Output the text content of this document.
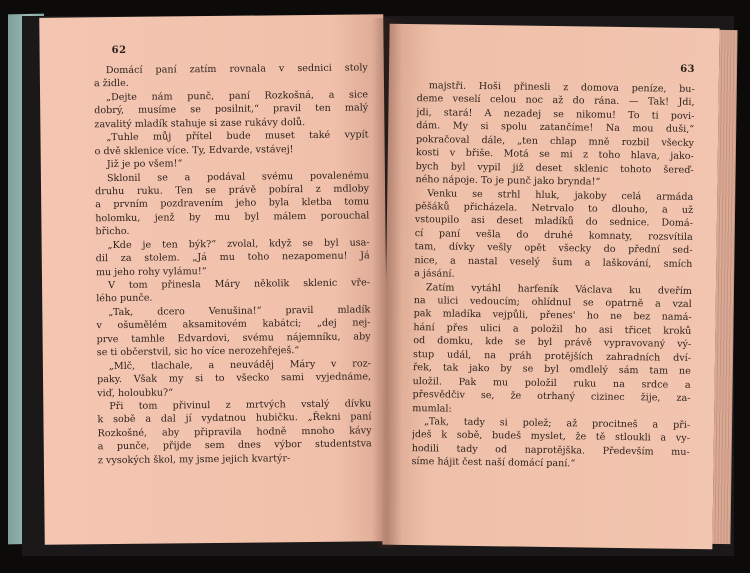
62
Domácí paní zatím rovnala v sednici stoly
a židle.
„Dejte nám punč, paní Rozkošná, a sice
dobrý, musíme se posilnit,“ pravil ten malý
zavalitý mladík stahuje si zase rukávy dolů.
„Tuhle můj přítel bude muset také vypít
o dvě sklenice více. Ty, Edvarde, vstávej!
Již je po všem!“
Sklonil se a podával svému povalenému
druhu ruku. Ten se právě pobíral z mdloby
a prvním pozdravením jeho byla kletba tomu
holomku, jenž by mu byl málem porouchal
břicho.
„Kde je ten býk?“ zvolal, když se byl usa-
dil za stolem. „Já mu toho nezapomenu! Já
mu jeho rohy vylámu!“
V tom přinesla Máry několik sklenic vře-
lého punče.
„Tak, dcero Venušina!“ pravil mladík
v ošumělém aksamitovém kabátci; „dej nej-
prve tamhle Edvardovi, svému nájemníku, aby
se ti občerstvil, sic ho více nerozehřeješ.“
„Mlč, tlachale, a neuváděj Máry v roz-
paky. Však my si to všecko sami vyjednáme,
viď, holoubku?“
Při tom přivinul z mrtvých vstalý dívku
k sobě a dal jí vydatnou hubičku. „Řekni paní
Rozkošné, aby připravila hodně mnoho kávy
a punče, přijde sem dnes výbor studentstva
z vysokých škol, my jsme jejich kvartýr-
63
majstři. Hoši přinesli z domova peníze, bu-
deme veselí celou noc až do rána. — Tak! Jdi,
jdi, stará! A nezadej se nikomu! To ti povi-
dám. My si spolu zatančíme! Na mou duši,“
pokračoval dále, „ten chlap mně rozbil všecky
kosti v břiše. Motá se mi z toho hlava, jako-
bych byl vypil již deset sklenic tohoto šereď-
ného nápoje. To je punč jako brynda!“
Venku se strhl hluk, jakoby celá armáda
pěšáků přicházela. Netrvalo to dlouho, a už
vstoupilo asi deset mladíků do sednice. Domá-
cí paní vešla do druhé komnaty, rozsvítila
tam, dívky vešly opět všecky do přední sed-
nice, a nastal veselý šum a laškování, smích
a jásání.
Zatím vytáhl harfeník Václava ku dveřím
na ulici vedoucím; ohlídnul se opatrně a vzal
pak mladíka vejpůli, přenes' ho ne bez namá-
hání přes ulici a položil ho asi třicet kroků
od domku, kde se byl právě vypravovaný vý-
stup udál, na práh protějších zahradních dví-
řek, tak jako by se byl omdlelý sám tam ne
uložil. Pak mu položil ruku na srdce a
přesvědčiv se, že otrhaný cizinec žije, za-
mumlal:
„Tak, tady si polež; až procitneš a při-
jdeš k sobě, budeš myslet, že tě stloukli a vy-
hodili tady od naprotějška. Především mu-
síme hájit čest naší domácí paní.“
